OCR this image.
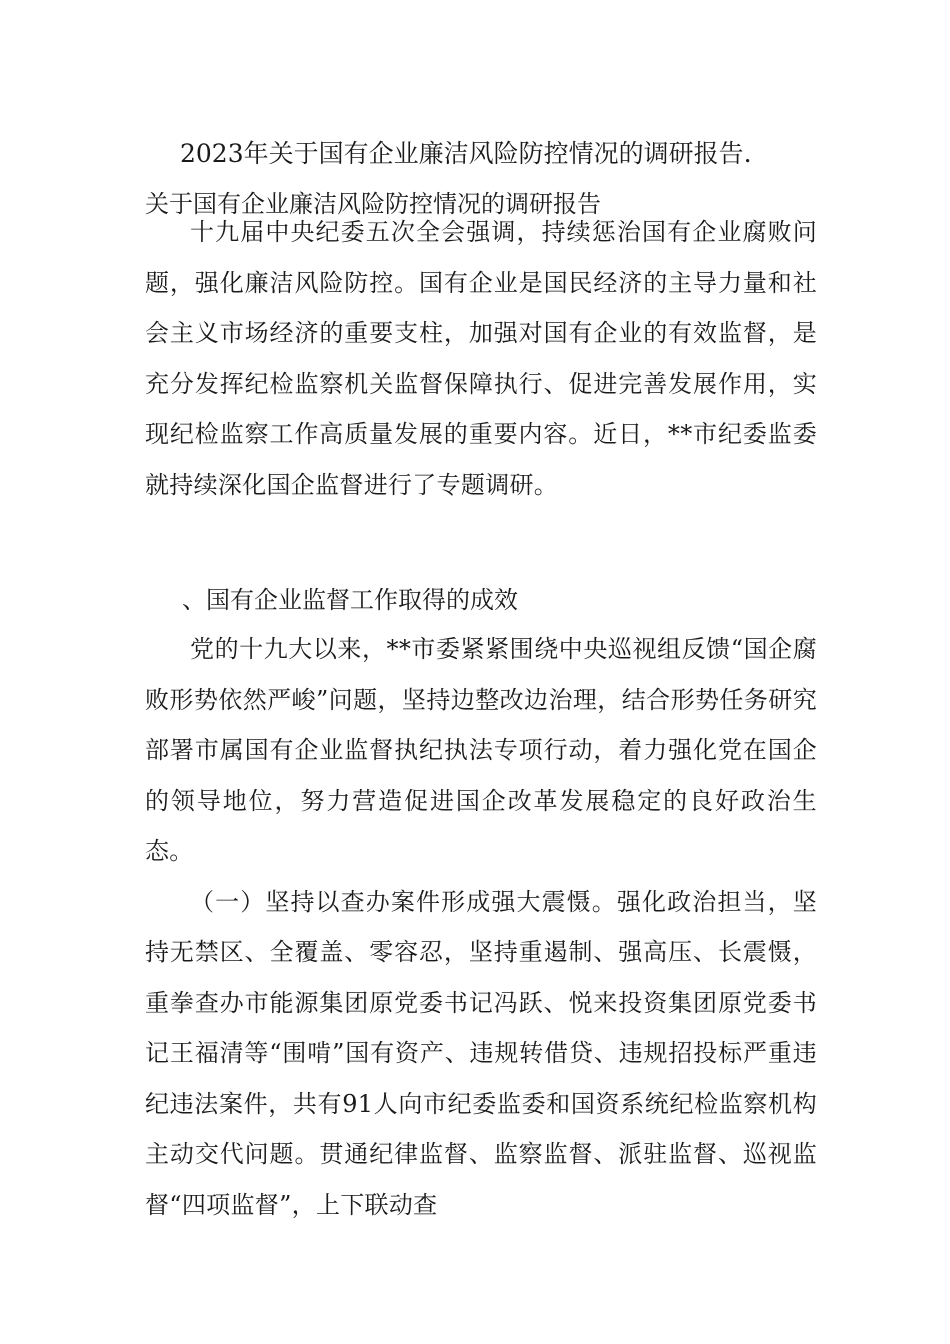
2023年关于国有企业廉洁风险防控情况的调研报告.
关于国有企业廉洁风险防控情况的调研报告

十九届中央纪委五次全会强调，持续惩治国有企业腐败问题，强化廉洁风险防控。国有企业是国民经济的主导力量和社会主义市场经济的重要支柱，加强对国有企业的有效监督，是充分发挥纪检监察机关监督保障执行、促进完善发展作用，实现纪检监察工作高质量发展的重要内容。近日，**市纪委监委就持续深化国企监督进行了专题调研。

、国有企业监督工作取得的成效

党的十九大以来，**市委紧紧围绕中央巡视组反馈“国企腐败形势依然严峻”问题，坚持边整改边治理，结合形势任务研究部署市属国有企业监督执纪执法专项行动，着力强化党在国企的领导地位，努力营造促进国企改革发展稳定的良好政治生态。

（一）坚持以查办案件形成强大震慑。强化政治担当，坚持无禁区、全覆盖、零容忍，坚持重遏制、强高压、长震慑，重拳查办市能源集团原党委书记冯跃、悦来投资集团原党委书记王福清等“围啃”国有资产、违规转借贷、违规招投标严重违纪违法案件，共有91人向市纪委监委和国资系统纪检监察机构主动交代问题。贯通纪律监督、监察监督、派驻监督、巡视监督“四项监督”，上下联动查
